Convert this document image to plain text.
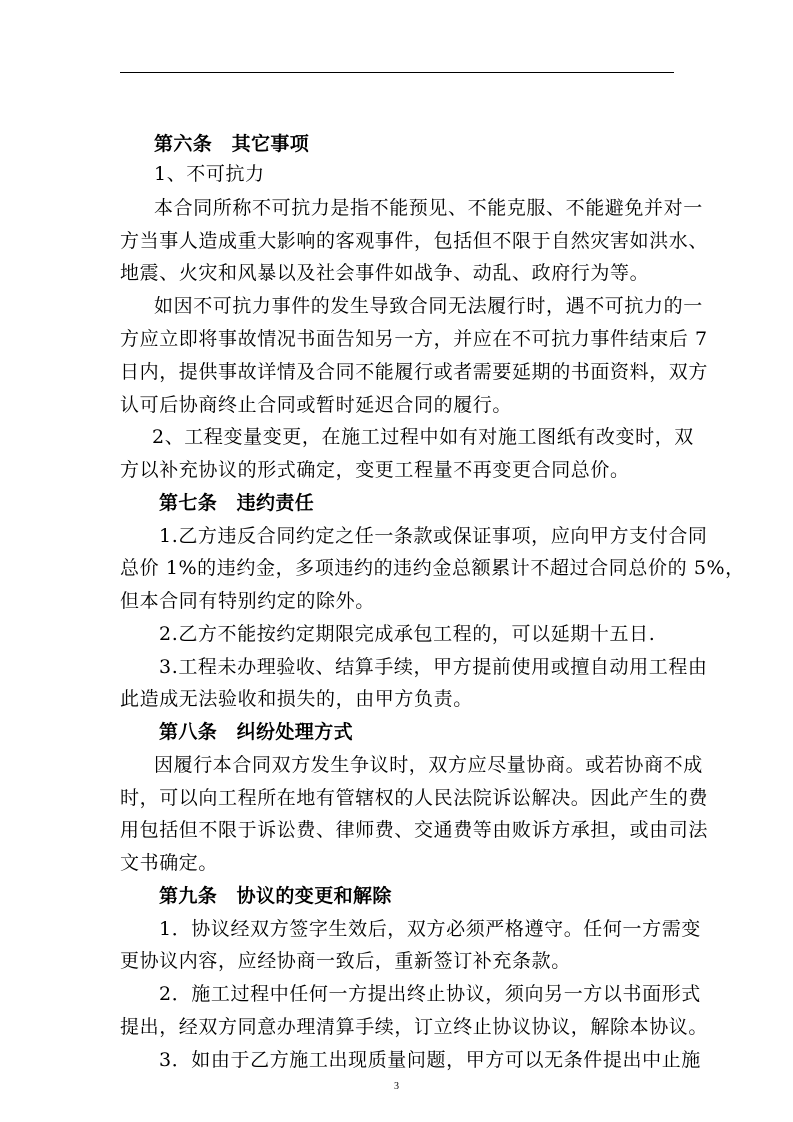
第六条　其它事项
1、不可抗力
本合同所称不可抗力是指不能预见、不能克服、不能避免并对一
方当事人造成重大影响的客观事件，包括但不限于自然灾害如洪水、
地震、火灾和风暴以及社会事件如战争、动乱、政府行为等。
如因不可抗力事件的发生导致合同无法履行时，遇不可抗力的一
方应立即将事故情况书面告知另一方，并应在不可抗力事件结束后 7
日内，提供事故详情及合同不能履行或者需要延期的书面资料，双方
认可后协商终止合同或暂时延迟合同的履行。
2、工程变量变更，在施工过程中如有对施工图纸有改变时，双
方以补充协议的形式确定，变更工程量不再变更合同总价。
第七条　违约责任
1.乙方违反合同约定之任一条款或保证事项，应向甲方支付合同
总价 1%的违约金，多项违约的违约金总额累计不超过合同总价的 5%，
但本合同有特别约定的除外。
2.乙方不能按约定期限完成承包工程的，可以延期十五日.
3.工程未办理验收、结算手续，甲方提前使用或擅自动用工程由
此造成无法验收和损失的，由甲方负责。
第八条　纠纷处理方式
因履行本合同双方发生争议时，双方应尽量协商。或若协商不成
时，可以向工程所在地有管辖权的人民法院诉讼解决。因此产生的费
用包括但不限于诉讼费、律师费、交通费等由败诉方承担，或由司法
文书确定。
第九条　协议的变更和解除
1．协议经双方签字生效后，双方必须严格遵守。任何一方需变
更协议内容，应经协商一致后，重新签订补充条款。
2．施工过程中任何一方提出终止协议，须向另一方以书面形式
提出，经双方同意办理清算手续，订立终止协议协议，解除本协议。
3．如由于乙方施工出现质量问题，甲方可以无条件提出中止施
3
